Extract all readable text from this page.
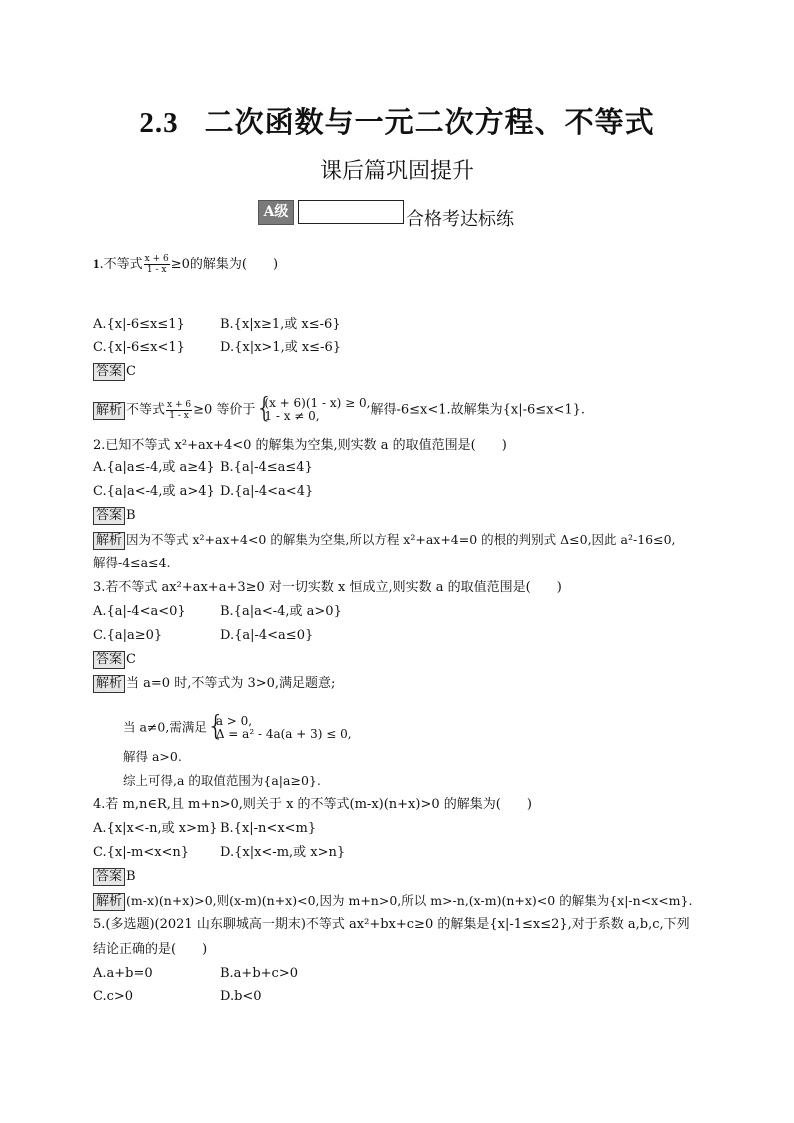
2.3 二次函数与一元二次方程、不等式
课后篇巩固提升
A级	合格考达标练
1.不等式 $\frac{x + 6}{1 - x} \ge 0$的解集为(　　)
A.{x|-6≤x≤1}	B.{x|x≥1,或 x≤-6}
C.{x|-6≤x<1}	D.{x|x>1,或 x≤-6}
答案 C
解析 不等式 $\frac{x + 6}{1 - x} \ge 0$ 等价于 {
(x + 6)(1 - x) ≥ 0,
1 - x ≠ 0,	解得-6≤x<1.故解集为{x|-6≤x<1}.
2.已知不等式 x²+ax+4<0 的解集为空集,则实数 a 的取值范围是(　　)
A.{a|a≤-4,或 a≥4} B.{a|-4≤a≤4}
C.{a|a<-4,或 a>4} D.{a|-4<a<4}
答案 B
解析 因为不等式 x²+ax+4<0 的解集为空集,所以方程 x²+ax+4=0 的根的判别式 Δ≤0,因此 a²-16≤0,
解得-4≤a≤4.
3.若不等式 ax²+ax+a+3≥0 对一切实数 x 恒成立,则实数 a 的取值范围是(　　)
A.{a|-4<a<0}	B.{a|a<-4,或 a>0}
C.{a|a≥0}	D.{a|-4<a≤0}
答案 C
解析 当 a=0 时,不等式为 3>0,满足题意;
当 a≠0,需满足 {
a > 0,
Δ = a² - 4a(a + 3) ≤ 0,
解得 a>0.
综上可得,a 的取值范围为{a|a≥0}.
4.若 m,n∈R,且 m+n>0,则关于 x 的不等式(m-x)(n+x)>0 的解集为(　　)
A.{x|x<-n,或 x>m} B.{x|-n<x<m}
C.{x|-m<x<n} D.{x|x<-m,或 x>n}
答案 B
解析 (m-x)(n+x)>0,则(x-m)(n+x)<0,因为 m+n>0,所以 m>-n,(x-m)(n+x)<0 的解集为{x|-n<x<m}.
5.(多选题)(2021 山东聊城高一期末)不等式 ax²+bx+c≥0 的解集是{x|-1≤x≤2},对于系数 a,b,c,下列
结论正确的是(　　)
A.a+b=0	B.a+b+c>0
C.c>0	D.b<0
